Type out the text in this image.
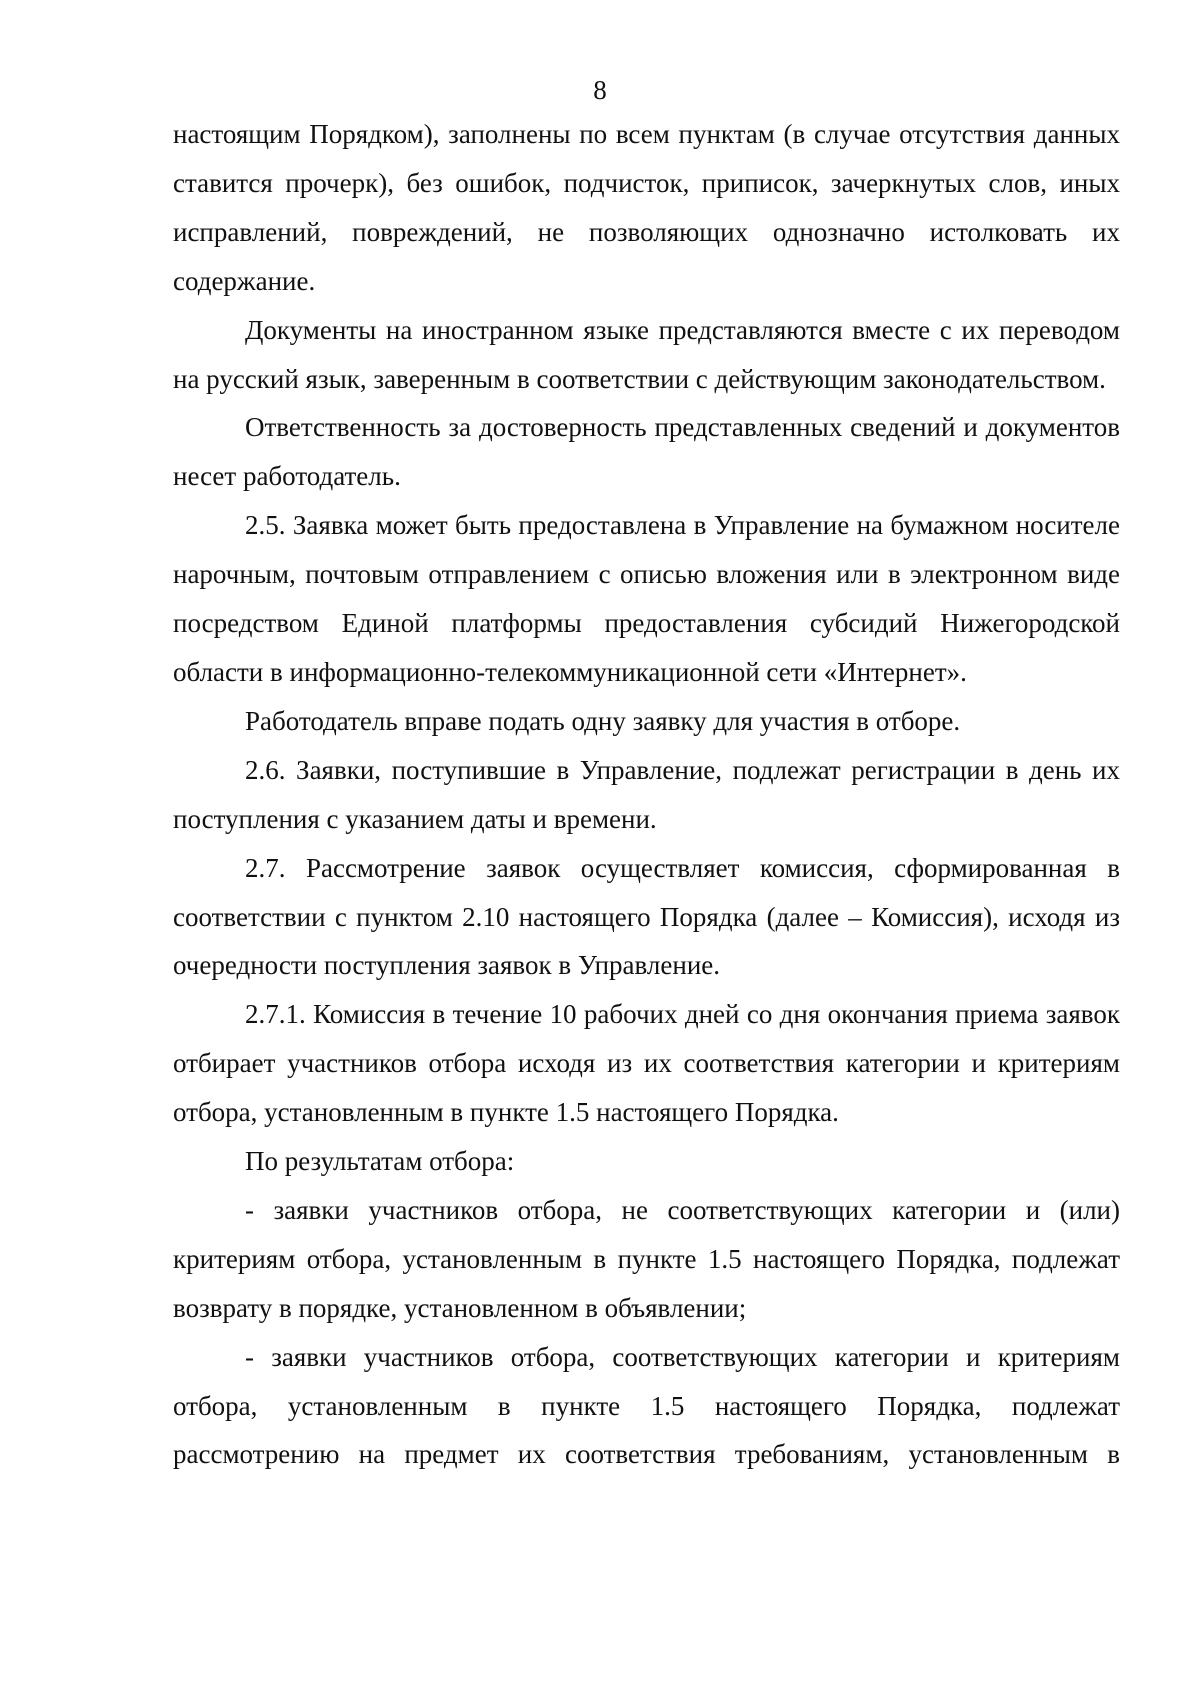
8

настоящим Порядком), заполнены по всем пунктам (в случае отсутствия данных ставится прочерк), без ошибок, подчисток, приписок, зачеркнутых слов, иных исправлений, повреждений, не позволяющих однозначно истолковать их содержание.

Документы на иностранном языке представляются вместе с их переводом на русский язык, заверенным в соответствии с действующим законодательством.

Ответственность за достоверность представленных сведений и документов несет работодатель.

2.5. Заявка может быть предоставлена в Управление на бумажном носителе нарочным, почтовым отправлением с описью вложения или в электронном виде посредством Единой платформы предоставления субсидий Нижегородской области в информационно-телекоммуникационной сети «Интернет».

Работодатель вправе подать одну заявку для участия в отборе.

2.6. Заявки, поступившие в Управление, подлежат регистрации в день их поступления с указанием даты и времени.

2.7. Рассмотрение заявок осуществляет комиссия, сформированная в соответствии с пунктом 2.10 настоящего Порядка (далее – Комиссия), исходя из очередности поступления заявок в Управление.

2.7.1. Комиссия в течение 10 рабочих дней со дня окончания приема заявок отбирает участников отбора исходя из их соответствия категории и критериям отбора, установленным в пункте 1.5 настоящего Порядка.

По результатам отбора:

- заявки участников отбора, не соответствующих категории и (или) критериям отбора, установленным в пункте 1.5 настоящего Порядка, подлежат возврату в порядке, установленном в объявлении;

- заявки участников отбора, соответствующих категории и критериям отбора, установленным в пункте 1.5 настоящего Порядка, подлежат рассмотрению на предмет их соответствия требованиям, установленным в
